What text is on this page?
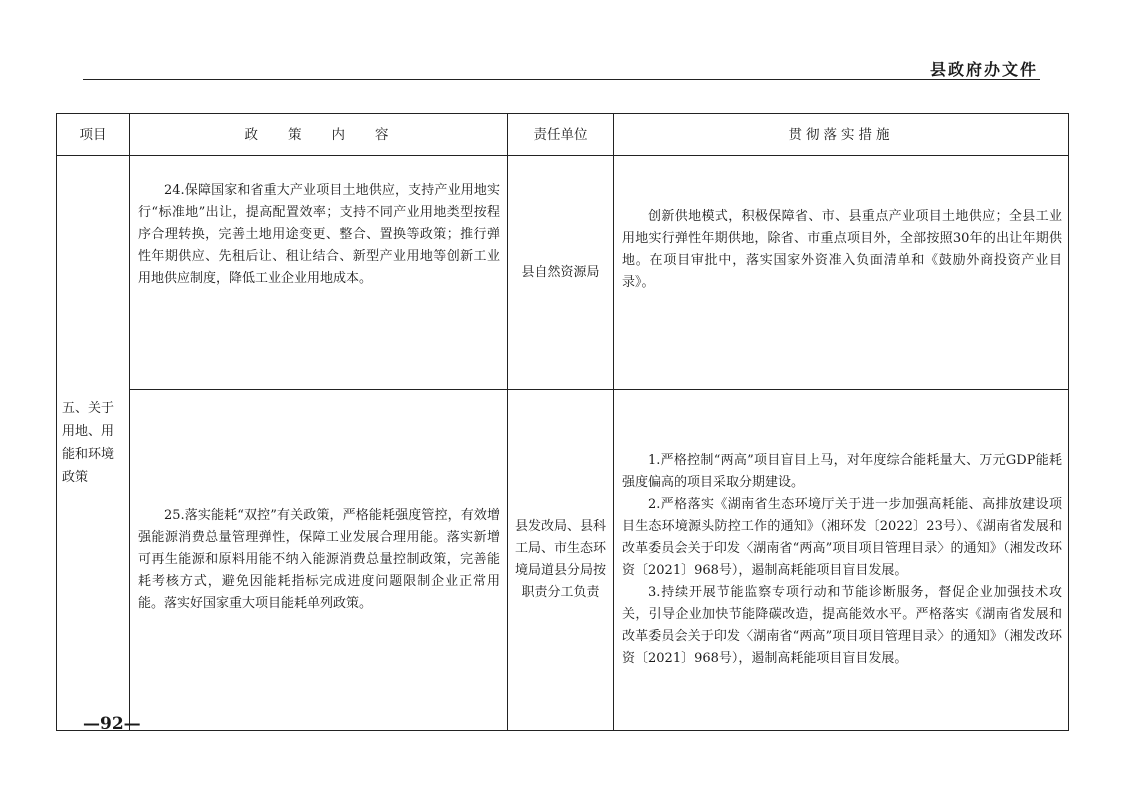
县政府办文件
项目	政 策 内 容	责任单位	贯彻落实措施
五、关于用地、用能和环境政策	24.保障国家和省重大产业项目土地供应，支持产业用地实行“标准地”出让，提高配置效率；支持不同产业用地类型按程序合理转换，完善土地用途变更、整合、置换等政策；推行弹性年期供应、先租后让、租让结合、新型产业用地等创新工业用地供应制度，降低工业企业用地成本。	县自然资源局	创新供地模式，积极保障省、市、县重点产业项目土地供应；全县工业用地实行弹性年期供地，除省、市重点项目外，全部按照30年的出让年期供地。在项目审批中，落实国家外资准入负面清单和《鼓励外商投资产业目录》。

	25.落实能耗“双控”有关政策，严格能耗强度管控，有效增强能源消费总量管理弹性，保障工业发展合理用能。落实新增可再生能源和原料用能不纳入能源消费总量控制政策，完善能耗考核方式，避免因能耗指标完成进度问题限制企业正常用能。落实好国家重大项目能耗单列政策。	县发改局、县科工局、市生态环境局道县分局按职责分工负责	1.严格控制“两高”项目盲目上马，对年度综合能耗量大、万元GDP能耗强度偏高的项目采取分期建设。

2.严格落实《湖南省生态环境厅关于进一步加强高耗能、高排放建设项目生态环境源头防控工作的通知》（湘环发〔2022〕23号）、《湖南省发展和改革委员会关于印发〈湖南省“两高”项目项目管理目录〉的通知》（湘发改环资〔2021〕968号），遏制高耗能项目盲目发展。

3.持续开展节能监察专项行动和节能诊断服务，督促企业加强技术攻关，引导企业加快节能降碳改造，提高能效水平。严格落实《湖南省发展和改革委员会关于印发〈湖南省“两高”项目项目管理目录〉的通知》（湘发改环资〔2021〕968号），遏制高耗能项目盲目发展。

—92—
